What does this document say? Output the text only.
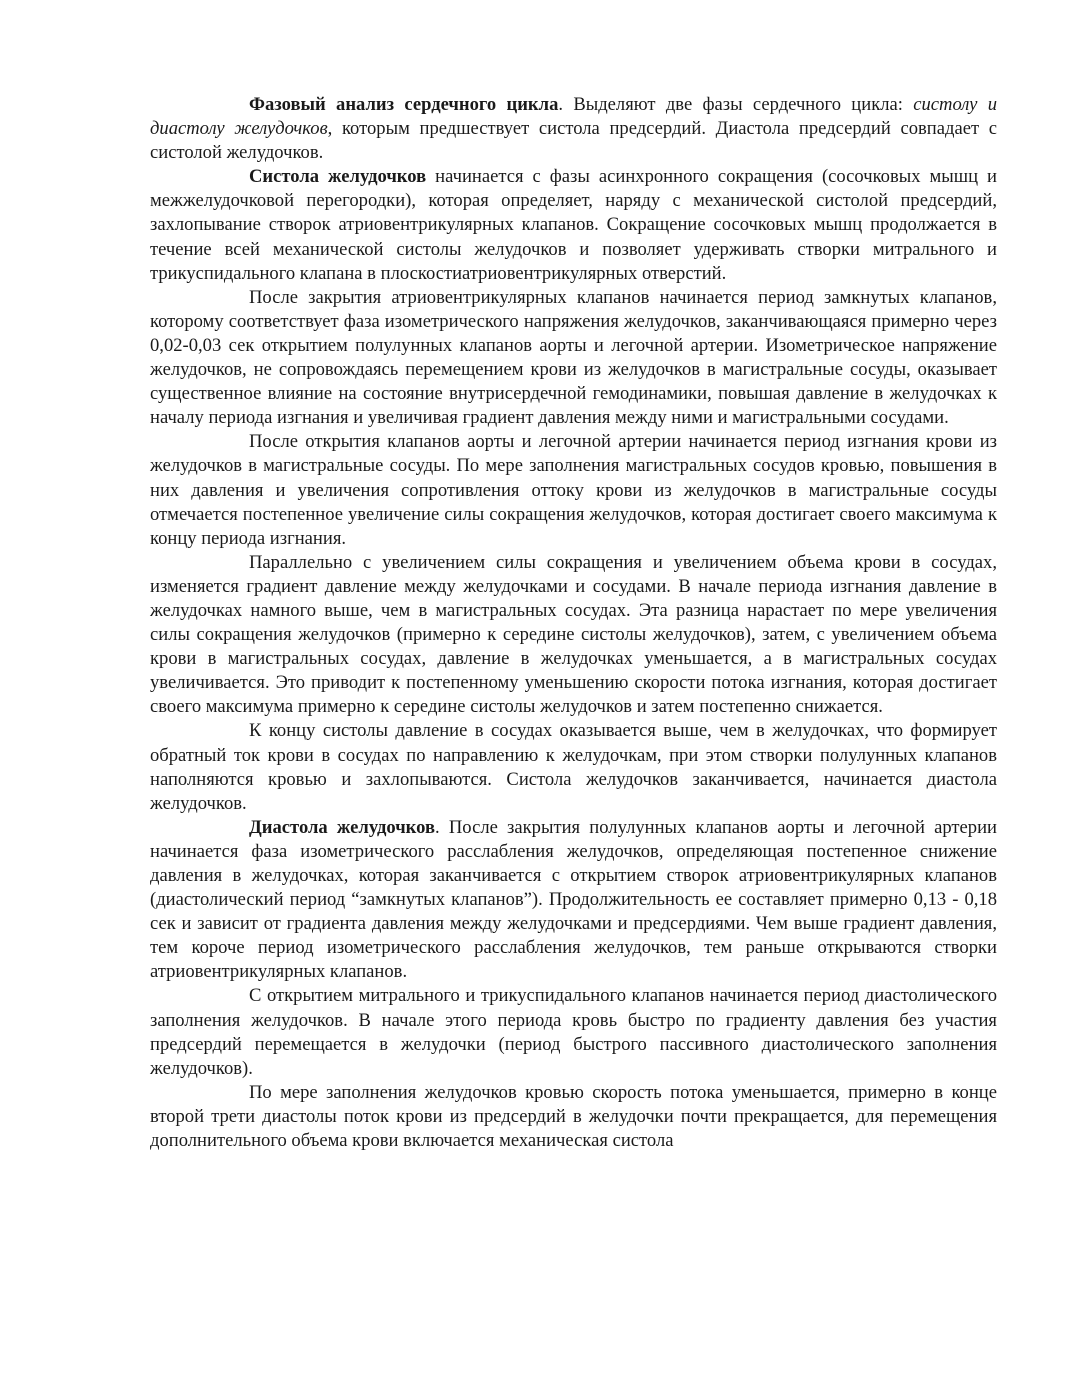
Фазовый анализ сердечного цикла. Выделяют две фазы сердечного цикла: систолу и диастолу желудочков, которым предшествует систола предсердий. Диастола предсердий совпадает с систолой желудочков.

Систола желудочков начинается с фазы асинхронного сокращения (сосочковых мышц и межжелудочковой перегородки), которая определяет, наряду с механической систолой предсердий, захлопывание створок атриовентрикулярных клапанов. Сокращение сосочковых мышц продолжается в течение всей механической систолы желудочков и позволяет удерживать створки митрального и трикуспидального клапана в плоскостиатриовентрикулярных отверстий.

После закрытия атриовентрикулярных клапанов начинается период замкнутых клапанов, которому соответствует фаза изометрического напряжения желудочков, заканчивающаяся примерно через 0,02-0,03 сек открытием полулунных клапанов аорты и легочной артерии. Изометрическое напряжение желудочков, не сопровождаясь перемещением крови из желудочков в магистральные сосуды, оказывает существенное влияние на состояние внутрисердечной гемодинамики, повышая давление в желудочках к началу периода изгнания и увеличивая градиент давления между ними и магистральными сосудами.

После открытия клапанов аорты и легочной артерии начинается период изгнания крови из желудочков в магистральные сосуды. По мере заполнения магистральных сосудов кровью, повышения в них давления и увеличения сопротивления оттоку крови из желудочков в магистральные сосуды отмечается постепенное увеличение силы сокращения желудочков, которая достигает своего максимума к концу периода изгнания.

Параллельно с увеличением силы сокращения и увеличением объема крови в сосудах, изменяется градиент давление между желудочками и сосудами. В начале периода изгнания давление в желудочках намного выше, чем в магистральных сосудах. Эта разница нарастает по мере увеличения силы сокращения желудочков (примерно к середине систолы желудочков), затем, с увеличением объема крови в магистральных сосудах, давление в желудочках уменьшается, а в магистральных сосудах увеличивается. Это приводит к постепенному уменьшению скорости потока изгнания, которая достигает своего максимума примерно к середине систолы желудочков и затем постепенно снижается.

К концу систолы давление в сосудах оказывается выше, чем в желудочках, что формирует обратный ток крови в сосудах по направлению к желудочкам, при этом створки полулунных клапанов наполняются кровью и захлопываются. Систола желудочков заканчивается, начинается диастола желудочков.

Диастола желудочков. После закрытия полулунных клапанов аорты и легочной артерии начинается фаза изометрического расслабления желудочков, определяющая постепенное снижение давления в желудочках, которая заканчивается с открытием створок атриовентрикулярных клапанов (диастолический период “замкнутых клапанов”). Продолжительность ее составляет примерно 0,13 - 0,18 сек и зависит от градиента давления между желудочками и предсердиями. Чем выше градиент давления, тем короче период изометрического расслабления желудочков, тем раньше открываются створки атриовентрикулярных клапанов.

С открытием митрального и трикуспидального клапанов начинается период диастолического заполнения желудочков. В начале этого периода кровь быстро по градиенту давления без участия предсердий перемещается в желудочки (период быстрого пассивного диастолического заполнения желудочков).

По мере заполнения желудочков кровью скорость потока уменьшается, примерно в конце второй трети диастолы поток крови из предсердий в желудочки почти прекращается, для перемещения дополнительного объема крови включается механическая систола
